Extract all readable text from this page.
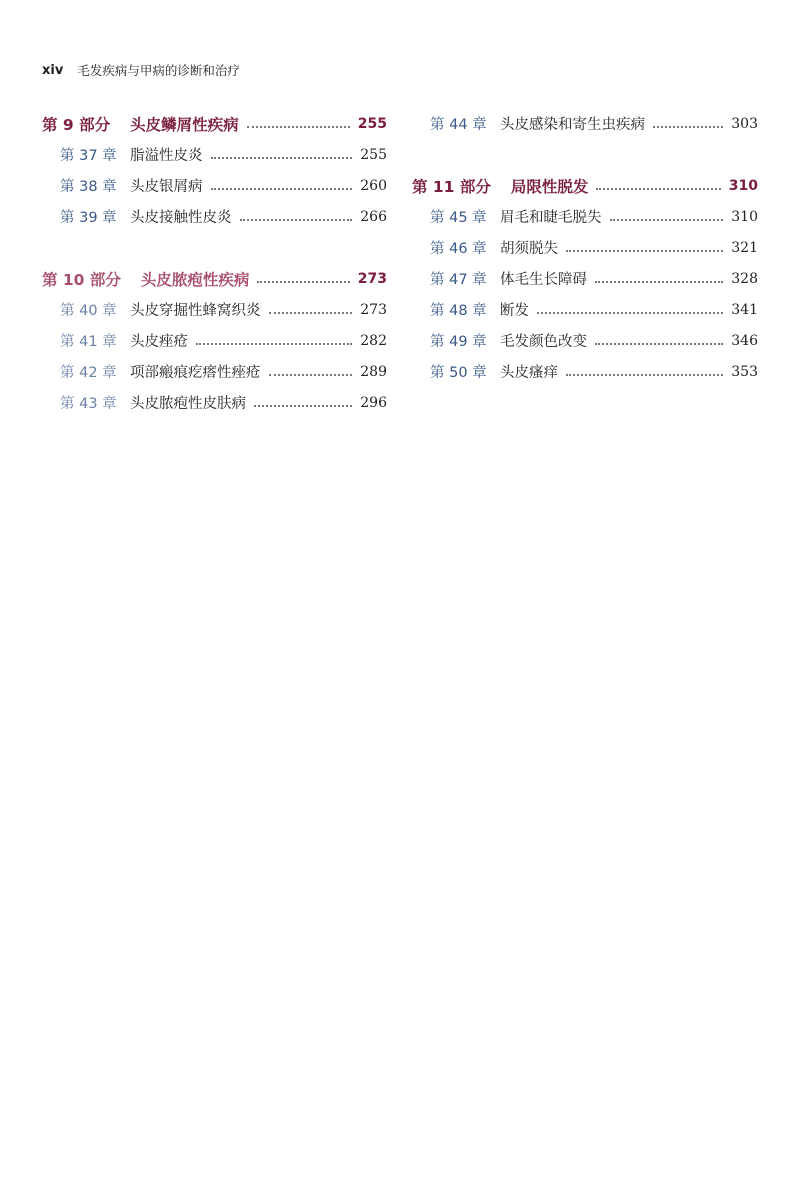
xiv 毛发疾病与甲病的诊断和治疗
第 9 部分 头皮鳞屑性疾病	255
第 37 章 脂溢性皮炎	255
第 38 章 头皮银屑病	260
第 39 章 头皮接触性皮炎	266
第 10 部分 头皮脓疱性疾病	273
第 40 章 头皮穿掘性蜂窝织炎	273
第 41 章 头皮痤疮	282
第 42 章 项部瘢痕疙瘩性痤疮	289
第 43 章 头皮脓疱性皮肤病	296
第 44 章 头皮感染和寄生虫疾病	303
第 11 部分 局限性脱发	310
第 45 章 眉毛和睫毛脱失	310
第 46 章 胡须脱失	321
第 47 章 体毛生长障碍	328
第 48 章 断发	341
第 49 章 毛发颜色改变	346
第 50 章 头皮瘙痒	353
